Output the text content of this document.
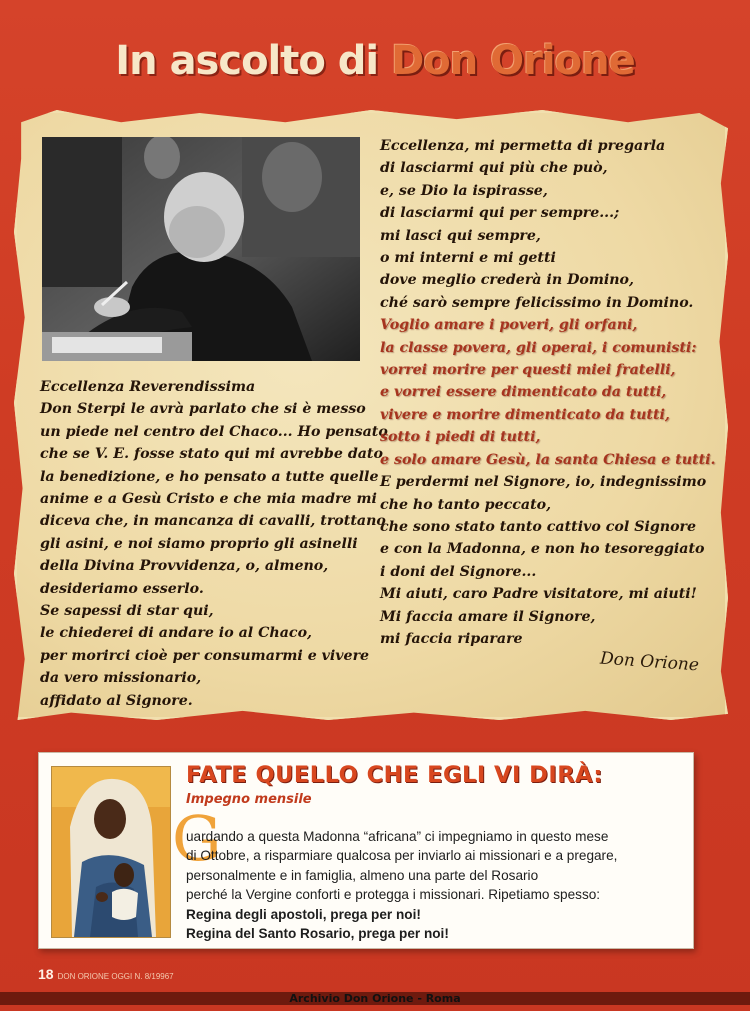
In ascolto di Don Orione
Eccellenza Reverendissima
Don Sterpi le avrà parlato che si è messo
un piede nel centro del Chaco... Ho pensato
che se V. E. fosse stato qui mi avrebbe dato
la benedizione, e ho pensato a tutte quelle
anime e a Gesù Cristo e che mia madre mi
diceva che, in mancanza di cavalli, trottano
gli asini, e noi siamo proprio gli asinelli
della Divina Provvidenza, o, almeno,
desideriamo esserlo.
Se sapessi di star qui,
le chiederei di andare io al Chaco,
per morirci cioè per consumarmi e vivere
da vero missionario,
affidato al Signore.
Eccellenza, mi permetta di pregarla
di lasciarmi qui più che può,
e, se Dio la ispirasse,
di lasciarmi qui per sempre...;
mi lasci qui sempre,
o mi interni e mi getti
dove meglio crederà in Domino,
ché sarò sempre felicissimo in Domino.
Voglio amare i poveri, gli orfani,
la classe povera, gli operai, i comunisti:
vorrei morire per questi miei fratelli,
e vorrei essere dimenticato da tutti,
vivere e morire dimenticato da tutti,
sotto i piedi di tutti,
e solo amare Gesù, la santa Chiesa e tutti.
E perdermi nel Signore, io, indegnissimo
che ho tanto peccato,
che sono stato tanto cattivo col Signore
e con la Madonna, e non ho tesoreggiato
i doni del Signore...
Mi aiuti, caro Padre visitatore, mi aiuti!
Mi faccia amare il Signore,
mi faccia riparare
Don Orione
FATE QUELLO CHE EGLI VI DIRÀ:
Impegno mensile
G
uardando a questa Madonna “africana” ci impegniamo in questo mese
di Ottobre, a risparmiare qualcosa per inviarlo ai missionari e a pregare,
personalmente e in famiglia, almeno una parte del Rosario
perché la Vergine conforti e protegga i missionari. Ripetiamo spesso:
Regina degli apostoli, prega per noi!
Regina del Santo Rosario, prega per noi!
18 DON ORIONE OGGI N. 8/19967
Archivio Don Orione - Roma
